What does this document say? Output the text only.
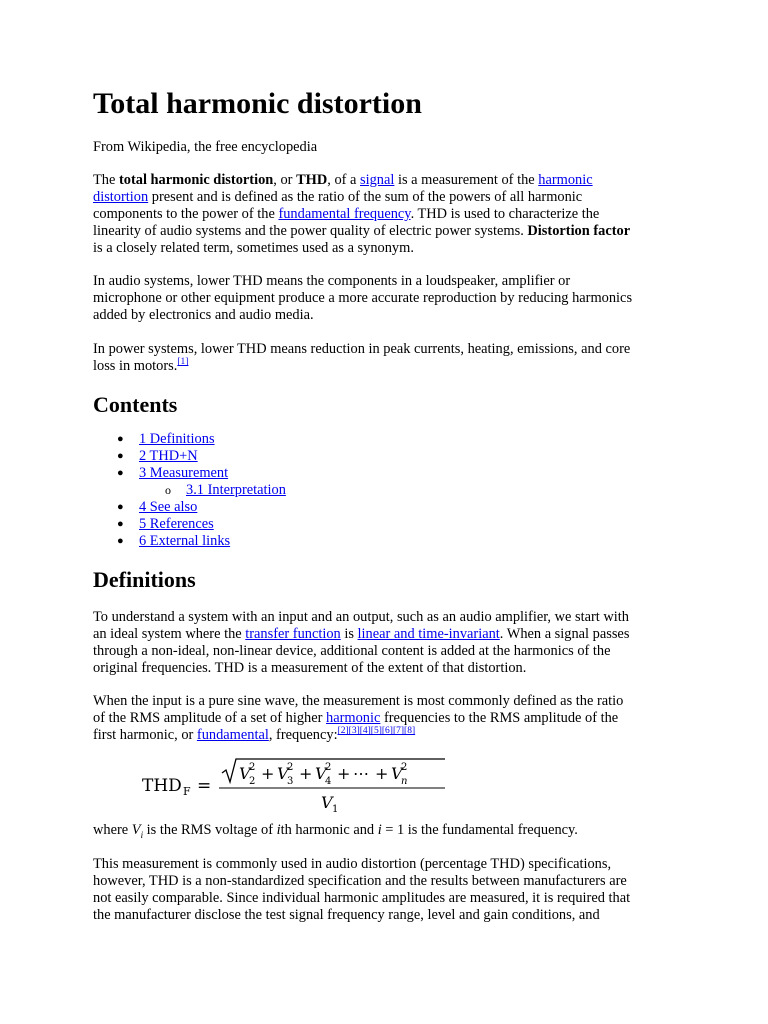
Total harmonic distortion
From Wikipedia, the free encyclopedia
The total harmonic distortion, or THD, of a signal is a measurement of the harmonic
distortion present and is defined as the ratio of the sum of the powers of all harmonic
components to the power of the fundamental frequency. THD is used to characterize the
linearity of audio systems and the power quality of electric power systems. Distortion factor
is a closely related term, sometimes used as a synonym.
In audio systems, lower THD means the components in a loudspeaker, amplifier or
microphone or other equipment produce a more accurate reproduction by reducing harmonics
added by electronics and audio media.
In power systems, lower THD means reduction in peak currents, heating, emissions, and core
loss in motors.[1]
Contents
● 1 Definitions
● 2 THD+N
● 3 Measurement
o 3.1 Interpretation
● 4 See also
● 5 References
● 6 External links
Definitions
To understand a system with an input and an output, such as an audio amplifier, we start with
an ideal system where the transfer function is linear and time-invariant. When a signal passes
through a non-ideal, non-linear device, additional content is added at the harmonics of the
original frequencies. THD is a measurement of the extent of that distortion.
When the input is a pure sine wave, the measurement is most commonly defined as the ratio
of the RMS amplitude of a set of higher harmonic frequencies to the RMS amplitude of the
first harmonic, or fundamental, frequency:[2][3][4][5][6][7][8]
THD F =
V
2
2 + V
3
2 + V
4
2 + ⋯ + V
n
2
V 1
where $V_i$ is the RMS voltage of ith harmonic and i = 1 is the fundamental frequency.
This measurement is commonly used in audio distortion (percentage THD) specifications,
however, THD is a non-standardized specification and the results between manufacturers are
not easily comparable. Since individual harmonic amplitudes are measured, it is required that
the manufacturer disclose the test signal frequency range, level and gain conditions, and
